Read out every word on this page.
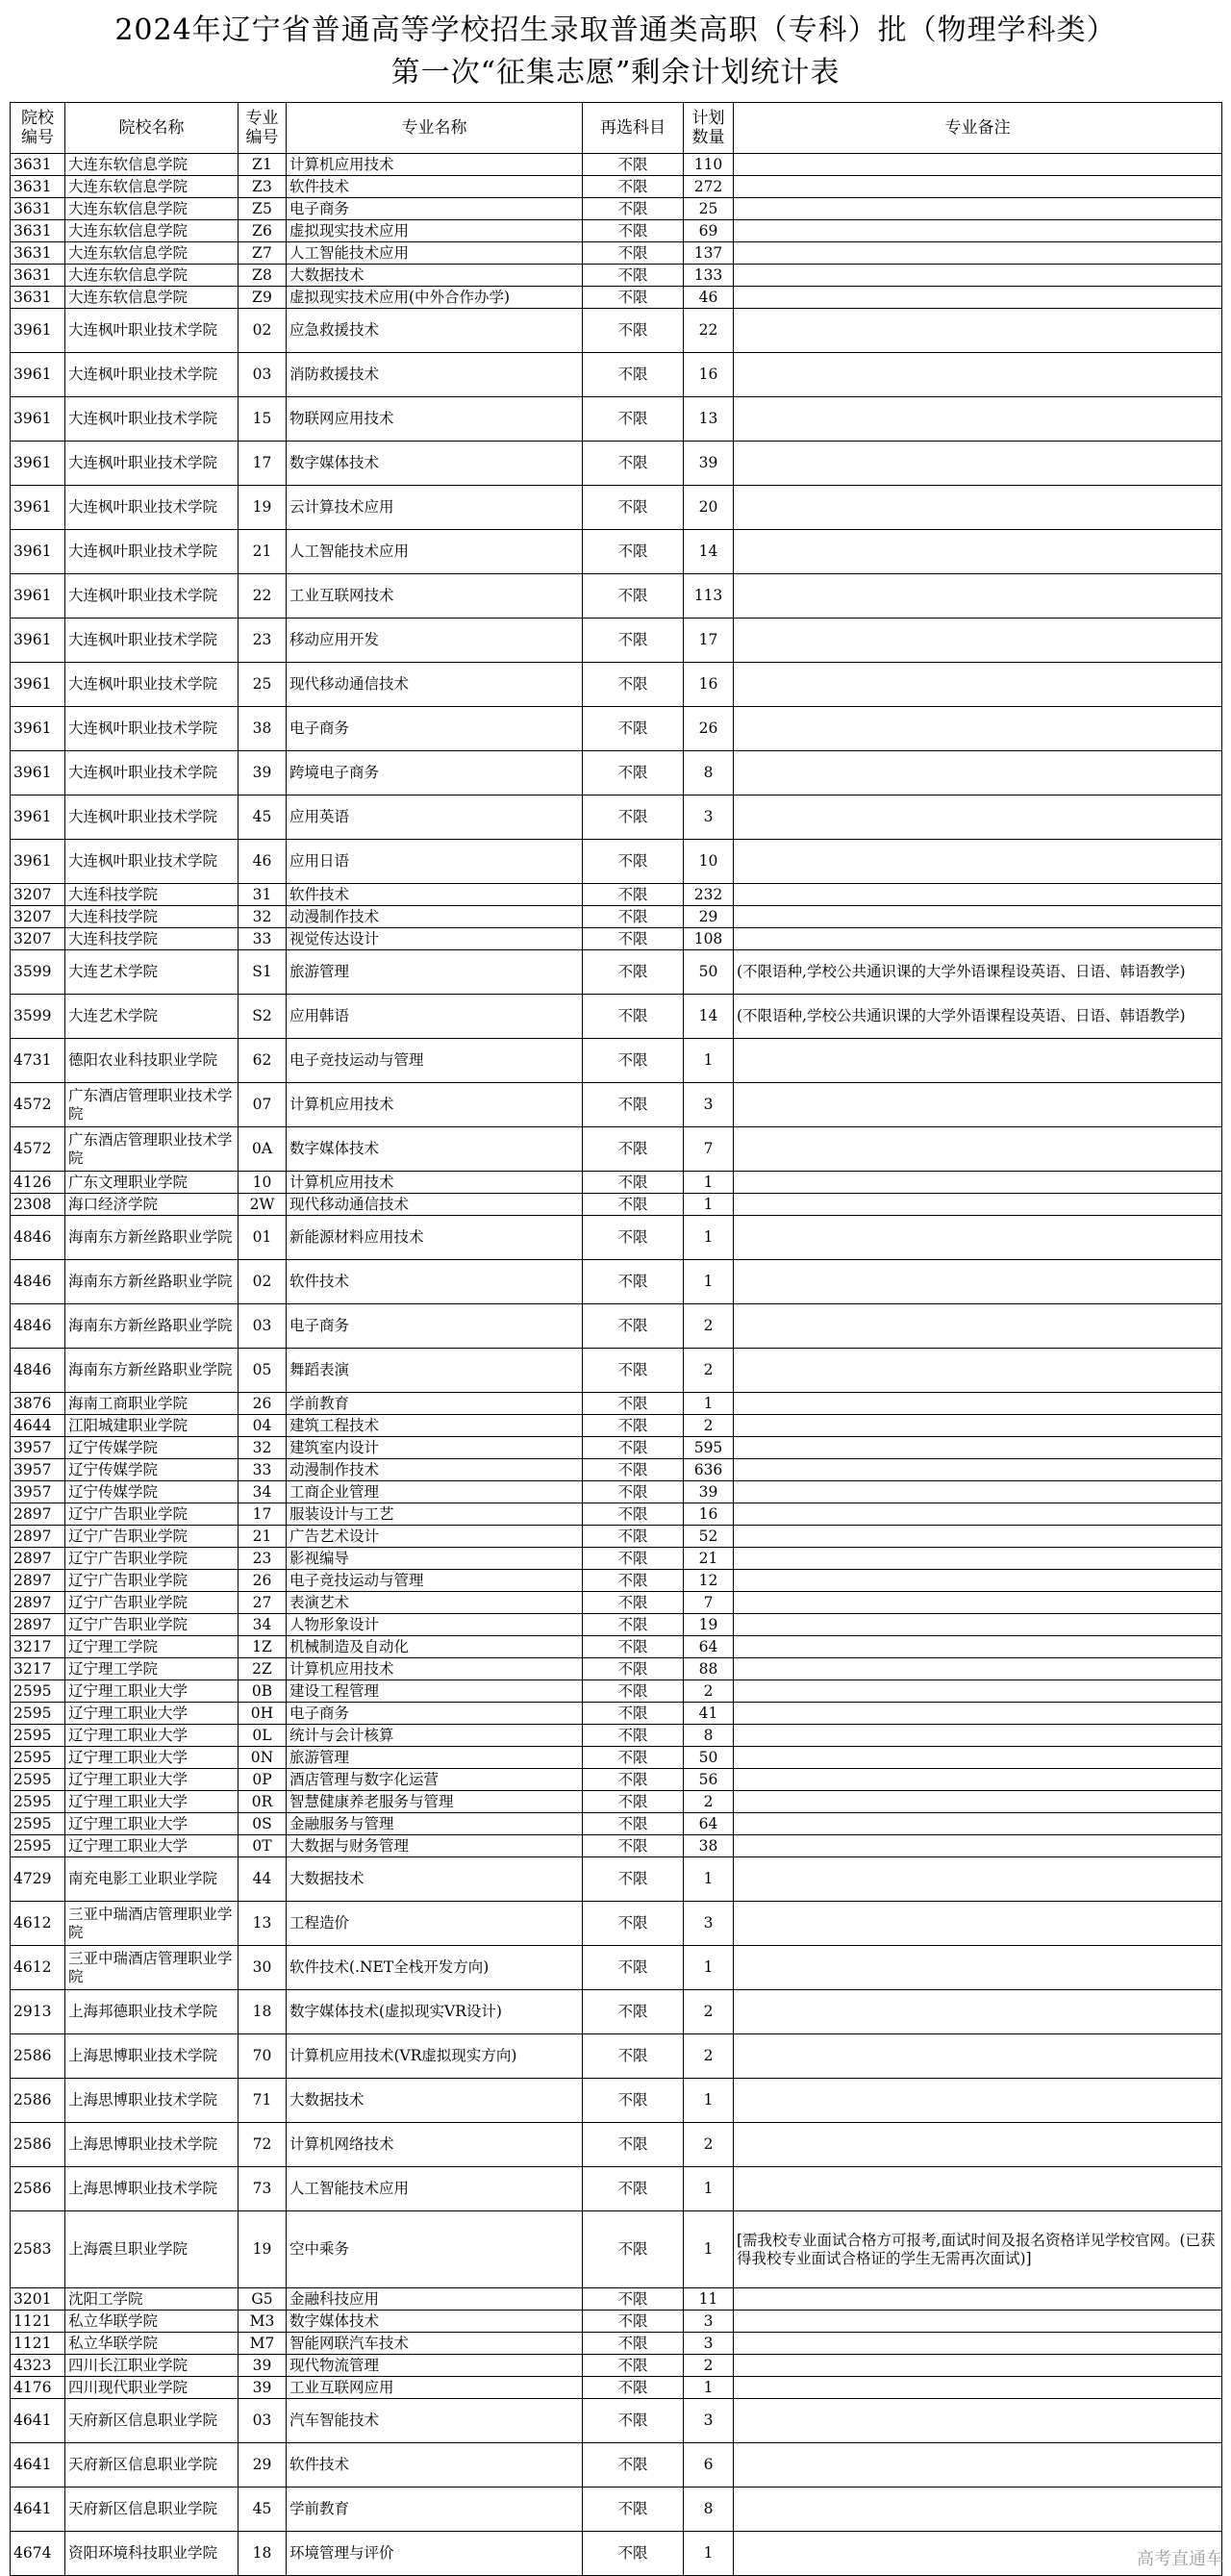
2024年辽宁省普通高等学校招生录取普通类高职（专科）批（物理学科类）
第一次“征集志愿”剩余计划统计表
院校编号	院校名称	专业编号	专业名称	再选科目	计划数量	专业备注
3631	大连东软信息学院	Z1	计算机应用技术	不限	110	
3631	大连东软信息学院	Z3	软件技术	不限	272	
3631	大连东软信息学院	Z5	电子商务	不限	25	
3631	大连东软信息学院	Z6	虚拟现实技术应用	不限	69	
3631	大连东软信息学院	Z7	人工智能技术应用	不限	137	
3631	大连东软信息学院	Z8	大数据技术	不限	133	
3631	大连东软信息学院	Z9	虚拟现实技术应用(中外合作办学)	不限	46	
3961	大连枫叶职业技术学院	02	应急救援技术	不限	22	
3961	大连枫叶职业技术学院	03	消防救援技术	不限	16	
3961	大连枫叶职业技术学院	15	物联网应用技术	不限	13	
3961	大连枫叶职业技术学院	17	数字媒体技术	不限	39	
3961	大连枫叶职业技术学院	19	云计算技术应用	不限	20	
3961	大连枫叶职业技术学院	21	人工智能技术应用	不限	14	
3961	大连枫叶职业技术学院	22	工业互联网技术	不限	113	
3961	大连枫叶职业技术学院	23	移动应用开发	不限	17	
3961	大连枫叶职业技术学院	25	现代移动通信技术	不限	16	
3961	大连枫叶职业技术学院	38	电子商务	不限	26	
3961	大连枫叶职业技术学院	39	跨境电子商务	不限	8	
3961	大连枫叶职业技术学院	45	应用英语	不限	3	
3961	大连枫叶职业技术学院	46	应用日语	不限	10	
3207	大连科技学院	31	软件技术	不限	232	
3207	大连科技学院	32	动漫制作技术	不限	29	
3207	大连科技学院	33	视觉传达设计	不限	108	
3599	大连艺术学院	S1	旅游管理	不限	50	(不限语种,学校公共通识课的大学外语课程设英语、日语、韩语教学)
3599	大连艺术学院	S2	应用韩语	不限	14	(不限语种,学校公共通识课的大学外语课程设英语、日语、韩语教学)
4731	德阳农业科技职业学院	62	电子竞技运动与管理	不限	1	
4572	广东酒店管理职业技术学院	07	计算机应用技术	不限	3	
4572	广东酒店管理职业技术学院	0A	数字媒体技术	不限	7	
4126	广东文理职业学院	10	计算机应用技术	不限	1	
2308	海口经济学院	2W	现代移动通信技术	不限	1	
4846	海南东方新丝路职业学院	01	新能源材料应用技术	不限	1	
4846	海南东方新丝路职业学院	02	软件技术	不限	1	
4846	海南东方新丝路职业学院	03	电子商务	不限	2	
4846	海南东方新丝路职业学院	05	舞蹈表演	不限	2	
3876	海南工商职业学院	26	学前教育	不限	1	
4644	江阳城建职业学院	04	建筑工程技术	不限	2	
3957	辽宁传媒学院	32	建筑室内设计	不限	595	
3957	辽宁传媒学院	33	动漫制作技术	不限	636	
3957	辽宁传媒学院	34	工商企业管理	不限	39	
2897	辽宁广告职业学院	17	服装设计与工艺	不限	16	
2897	辽宁广告职业学院	21	广告艺术设计	不限	52	
2897	辽宁广告职业学院	23	影视编导	不限	21	
2897	辽宁广告职业学院	26	电子竞技运动与管理	不限	12	
2897	辽宁广告职业学院	27	表演艺术	不限	7	
2897	辽宁广告职业学院	34	人物形象设计	不限	19	
3217	辽宁理工学院	1Z	机械制造及自动化	不限	64	
3217	辽宁理工学院	2Z	计算机应用技术	不限	88	
2595	辽宁理工职业大学	0B	建设工程管理	不限	2	
2595	辽宁理工职业大学	0H	电子商务	不限	41	
2595	辽宁理工职业大学	0L	统计与会计核算	不限	8	
2595	辽宁理工职业大学	0N	旅游管理	不限	50	
2595	辽宁理工职业大学	0P	酒店管理与数字化运营	不限	56	
2595	辽宁理工职业大学	0R	智慧健康养老服务与管理	不限	2	
2595	辽宁理工职业大学	0S	金融服务与管理	不限	64	
2595	辽宁理工职业大学	0T	大数据与财务管理	不限	38	
4729	南充电影工业职业学院	44	大数据技术	不限	1	
4612	三亚中瑞酒店管理职业学院	13	工程造价	不限	3	
4612	三亚中瑞酒店管理职业学院	30	软件技术(.NET全栈开发方向)	不限	1	
2913	上海邦德职业技术学院	18	数字媒体技术(虚拟现实VR设计)	不限	2	
2586	上海思博职业技术学院	70	计算机应用技术(VR虚拟现实方向)	不限	2	
2586	上海思博职业技术学院	71	大数据技术	不限	1	
2586	上海思博职业技术学院	72	计算机网络技术	不限	2	
2586	上海思博职业技术学院	73	人工智能技术应用	不限	1	
2583	上海震旦职业学院	19	空中乘务	不限	1	[需我校专业面试合格方可报考,面试时间及报名资格详见学校官网。(已获得我校专业面试合格证的学生无需再次面试)]
3201	沈阳工学院	G5	金融科技应用	不限	11	
1121	私立华联学院	M3	数字媒体技术	不限	3	
1121	私立华联学院	M7	智能网联汽车技术	不限	3	
4323	四川长江职业学院	39	现代物流管理	不限	2	
4176	四川现代职业学院	39	工业互联网应用	不限	1	
4641	天府新区信息职业学院	03	汽车智能技术	不限	3	
4641	天府新区信息职业学院	29	软件技术	不限	6	
4641	天府新区信息职业学院	45	学前教育	不限	8	
4674	资阳环境科技职业学院	18	环境管理与评价	不限	1		高考直通车
